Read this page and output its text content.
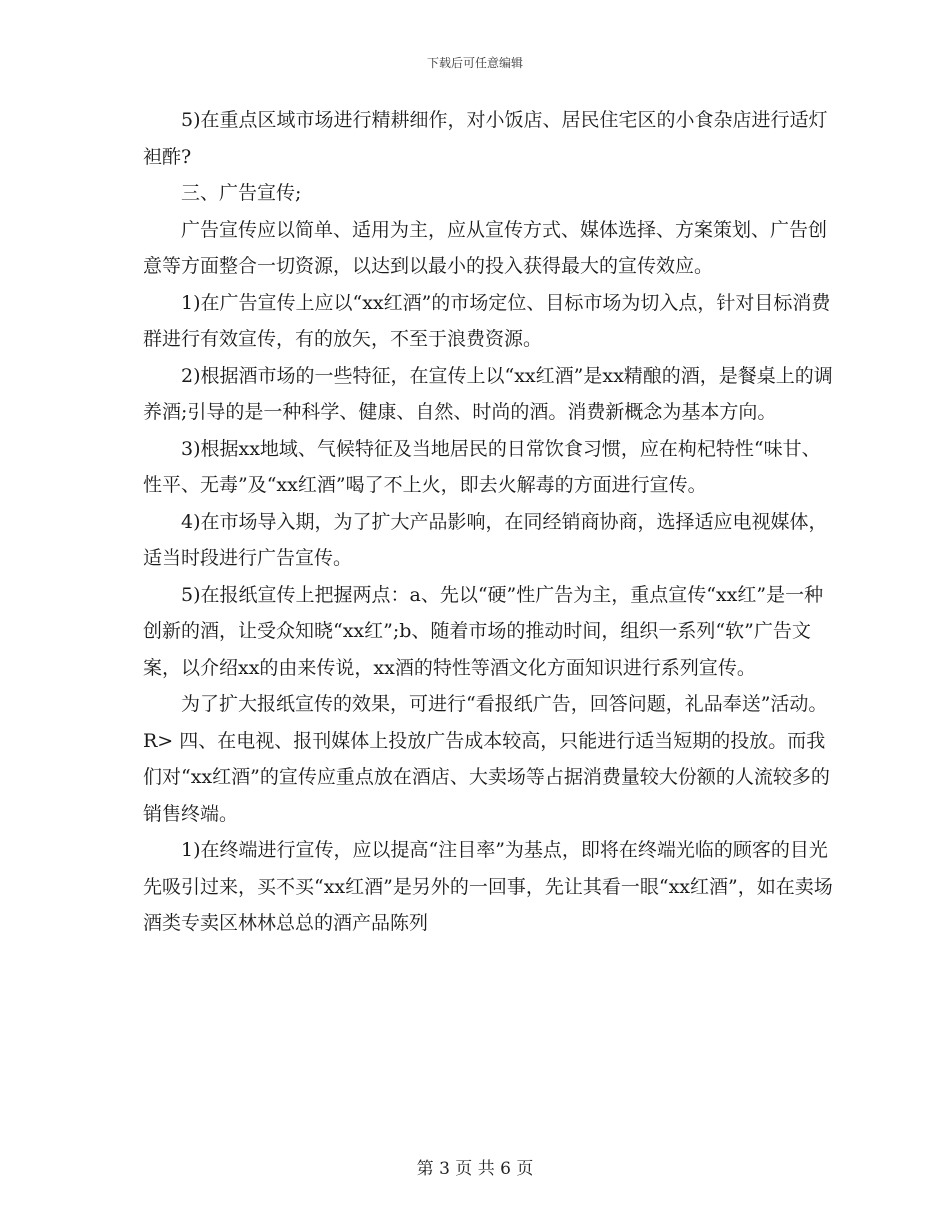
下载后可任意编辑

5)在重点区域市场进行精耕细作，对小饭店、居民住宅区的小食杂店进行适灯袒酢?

三、广告宣传;

广告宣传应以简单、适用为主，应从宣传方式、媒体选择、方案策划、广告创意等方面整合一切资源，以达到以最小的投入获得最大的宣传效应。

1)在广告宣传上应以“xx红酒”的市场定位、目标市场为切入点，针对目标消费群进行有效宣传，有的放矢，不至于浪费资源。

2)根据酒市场的一些特征，在宣传上以“xx红酒”是xx精酿的酒，是餐桌上的调养酒;引导的是一种科学、健康、自然、时尚的酒。消费新概念为基本方向。

3)根据xx地域、气候特征及当地居民的日常饮食习惯，应在枸杞特性“味甘、性平、无毒”及“xx红酒”喝了不上火，即去火解毒的方面进行宣传。

4)在市场导入期，为了扩大产品影响，在同经销商协商，选择适应电视媒体，适当时段进行广告宣传。

5)在报纸宣传上把握两点：a、先以“硬”性广告为主，重点宣传“xx红”是一种创新的酒，让受众知晓“xx红”;b、随着市场的推动时间，组织一系列“软”广告文案，以介绍xx的由来传说，xx酒的特性等酒文化方面知识进行系列宣传。

为了扩大报纸宣传的效果，可进行“看报纸广告，回答问题，礼品奉送”活动。R> 四、在电视、报刊媒体上投放广告成本较高，只能进行适当短期的投放。而我们对“xx红酒”的宣传应重点放在酒店、大卖场等占据消费量较大份额的人流较多的销售终端。

1)在终端进行宣传，应以提高“注目率”为基点，即将在终端光临的顾客的目光先吸引过来，买不买“xx红酒”是另外的一回事，先让其看一眼“xx红酒”，如在卖场酒类专卖区林林总总的酒产品陈列

第 3 页 共 6 页
